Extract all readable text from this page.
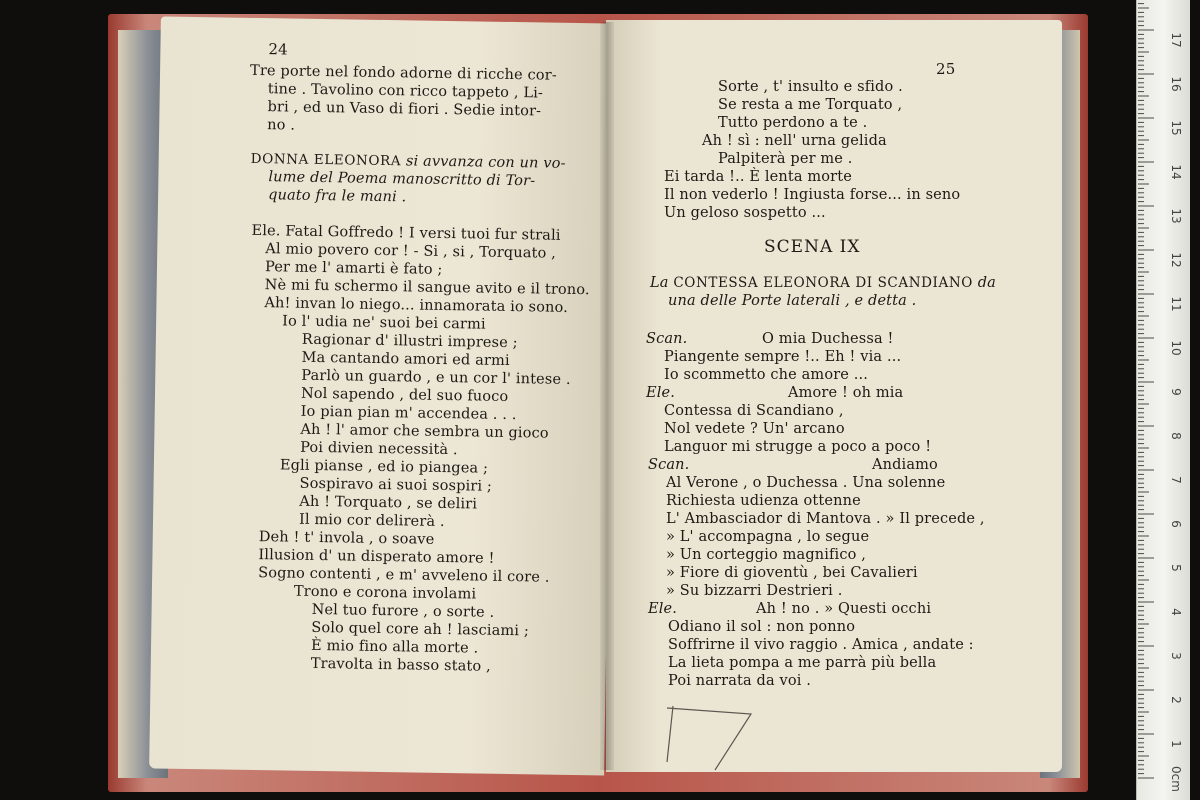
24
Tre porte nel fondo adorne di ricche cor-
tine . Tavolino con ricco tappeto , Li-
bri , ed un Vaso di fiori . Sedie intor-
no .
DONNA ELEONORA si avvanza con un vo-
lume del Poema manoscritto di Tor-
quato fra le mani .
Ele. Fatal Goffredo ! I versi tuoi fur strali
Al mio povero cor ! - Si , si , Torquato ,
Per me l' amarti è fato ;
Nè mi fu schermo il sangue avito e il trono.
Ah! invan lo niego... innamorata io sono.
Io l' udia ne' suoi bei carmi
Ragionar d' illustri imprese ;
Ma cantando amori ed armi
Parlò un guardo , e un cor l' intese .
Nol sapendo , del suo fuoco
Io pian pian m' accendea . . .
Ah ! l' amor che sembra un gioco
Poi divien necessità .
Egli pianse , ed io piangea ;
Sospiravo ai suoi sospiri ;
Ah ! Torquato , se deliri
Il mio cor delirerà .
Deh ! t' invola , o soave
Illusion d' un disperato amore !
Sogno contenti , e m' avveleno il core .
Trono e corona involami
Nel tuo furore , o sorte .
Solo quel core ah ! lasciami ;
È mio fino alla morte .
Travolta in basso stato ,
25
Sorte , t' insulto e sfido .
Se resta a me Torquato ,
Tutto perdono a te .
Ah ! sì : nell' urna gelida
Palpiterà per me .
Ei tarda !.. È lenta morte
Il non vederlo ! Ingiusta forse... in seno
Un geloso sospetto ...
SCENA IX
La CONTESSA ELEONORA DI SCANDIANO da
una delle Porte laterali , e detta .
Scan.	O mia Duchessa !
Piangente sempre !.. Eh ! via ...
Io scommetto che amore ...
Ele.	Amore ! oh mia
Contessa di Scandiano ,
Nol vedete ? Un' arcano
Languor mi strugge a poco a poco !
Scan.	Andiamo
Al Verone , o Duchessa . Una solenne
Richiesta udienza ottenne
L' Ambasciador di Mantova . » Il precede ,
» L' accompagna , lo segue
» Un corteggio magnifico ,
» Fiore di gioventù , bei Cavalieri
» Su bizzarri Destrieri .
Ele.	Ah ! no . » Questi occhi
Odiano il sol : non ponno
Soffrirne il vivo raggio . Amica , andate :
La lieta pompa a me parrà più bella
Poi narrata da voi .
0cm
1
2
3
4
5
6
7
8
9
10
11
12
13
14
15
16
17
